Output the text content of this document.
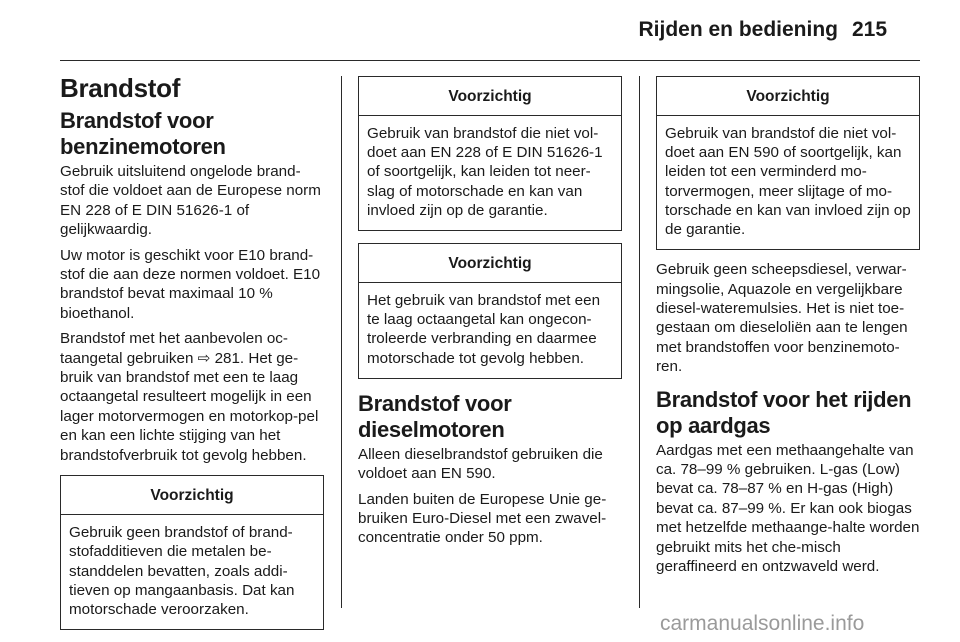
Rijden en bediening 215
Brandstof
Brandstof voor benzinemotoren
Gebruik uitsluitend ongelode brand-stof die voldoet aan de Europese norm EN 228 of E DIN 51626-1 of gelijkwaardig.
Uw motor is geschikt voor E10 brand-stof die aan deze normen voldoet. E10 brandstof bevat maximaal 10 % bioethanol.
Brandstof met het aanbevolen oc-taangetal gebruiken ⇨ 281. Het ge-bruik van brandstof met een te laag octaangetal resulteert mogelijk in een lager motorvermogen en motorkop-pel en kan een lichte stijging van het brandstofverbruik tot gevolg hebben.
Voorzichtig
Gebruik geen brandstof of brand-stofadditieven die metalen be-standdelen bevatten, zoals addi-tieven op mangaanbasis. Dat kan motorschade veroorzaken.
Voorzichtig
Gebruik van brandstof die niet vol-doet aan EN 228 of E DIN 51626-1 of soortgelijk, kan leiden tot neer-slag of motorschade en kan van invloed zijn op de garantie.
Voorzichtig
Het gebruik van brandstof met een te laag octaangetal kan ongecon-troleerde verbranding en daarmee motorschade tot gevolg hebben.
Brandstof voor dieselmotoren
Alleen dieselbrandstof gebruiken die voldoet aan EN 590.
Landen buiten de Europese Unie ge-bruiken Euro-Diesel met een zwavel-concentratie onder 50 ppm.
Voorzichtig
Gebruik van brandstof die niet vol-doet aan EN 590 of soortgelijk, kan leiden tot een verminderd mo-torvermogen, meer slijtage of mo-torschade en kan van invloed zijn op de garantie.
Gebruik geen scheepsdiesel, verwar-mingsolie, Aquazole en vergelijkbare diesel-wateremulsies. Het is niet toe-gestaan om dieseloliën aan te lengen met brandstoffen voor benzinemoto-ren.
Brandstof voor het rijden op aardgas
Aardgas met een methaangehalte van ca. 78–99 % gebruiken. L-gas (Low) bevat ca. 78–87 % en H-gas (High) bevat ca. 87–99 %. Er kan ook biogas met hetzelfde methaange-halte worden gebruikt mits het che-misch geraffineerd en ontzwaveld werd.
carmanualsonline.info
